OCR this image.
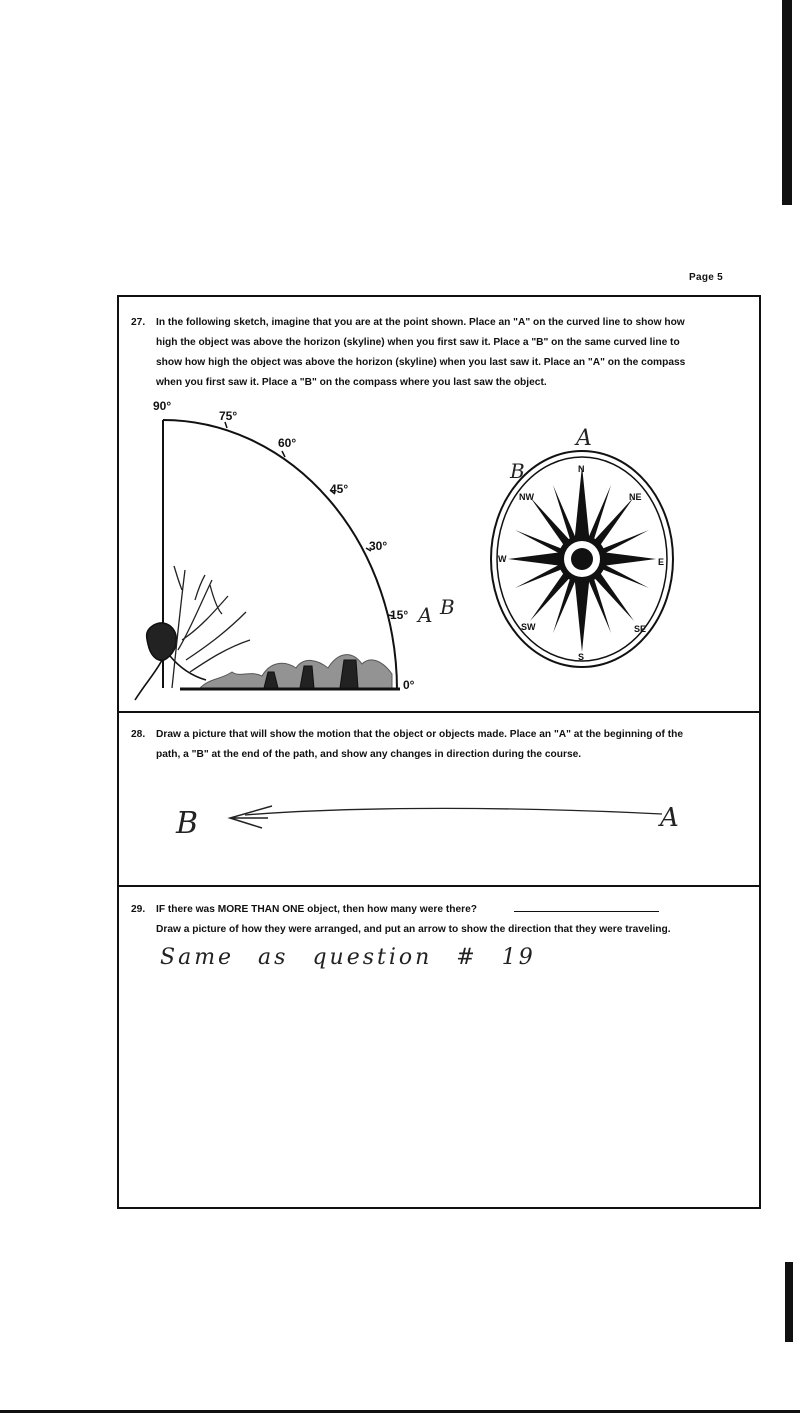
Page 5
27. In the following sketch, imagine that you are at the point shown. Place an "A" on the curved line to show how
high the object was above the horizon (skyline) when you first saw it. Place a "B" on the same curved line to
show how high the object was above the horizon (skyline) when you last saw it. Place an "A" on the compass
when you first saw it. Place a "B" on the compass where you last saw the object.
90°
75°
60°
45°
30°
15°
0°
A B
N
NE
E
SE
S
SW
W
NW
A
B
28. Draw a picture that will show the motion that the object or objects made. Place an "A" at the beginning of the
path, a "B" at the end of the path, and show any changes in direction during the course.
B	A
29. IF there was MORE THAN ONE object, then how many were there?
Draw a picture of how they were arranged, and put an arrow to show the direction that they were traveling.
Same as question # 19
